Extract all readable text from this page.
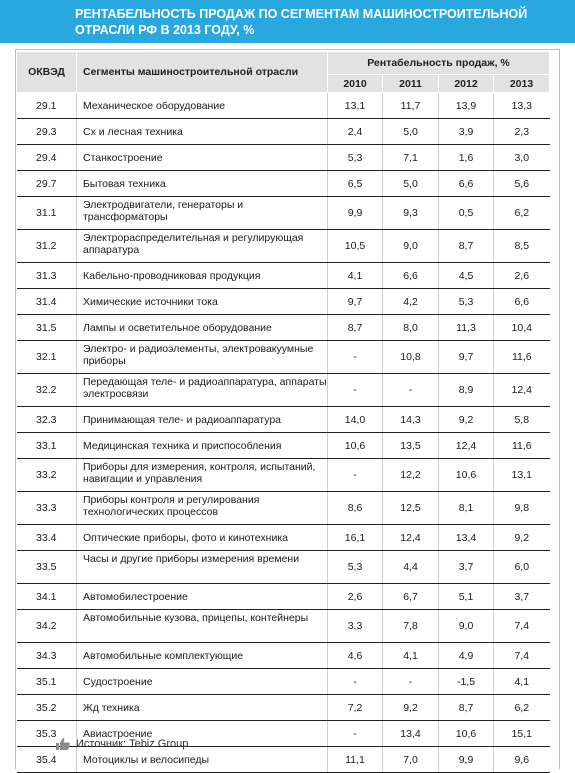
РЕНТАБЕЛЬНОСТЬ ПРОДАЖ ПО СЕГМЕНТАМ МАШИНОСТРОИТЕЛЬНОЙ
ОТРАСЛИ РФ В 2013 ГОДУ, %
ОКВЭД	Сегменты машиностроительной отрасли	Рентабельность продаж, %			
		2010	2011	2012	2013
29.1	Механическое оборудование	13,1	11,7	13,9	13,3
29.3	Сх и лесная техника	2,4	5,0	3,9	2,3
29.4	Станкостроение	5,3	7,1	1,6	3,0
29.7	Бытовая техника	6,5	5,0	6,6	5,6
31.1	Электродвигатели, генераторы и трансформаторы	9,9	9,3	0,5	6,2
31.2	Электрораспределительная и регулирующая аппаратура	10,5	9,0	8,7	8,5
31.3	Кабельно-проводниковая продукция	4,1	6,6	4,5	2,6
31.4	Химические источники тока	9,7	4,2	5,3	6,6
31.5	Лампы и осветительное оборудование	8,7	8,0	11,3	10,4
32.1	Электро- и радиоэлементы, электровакуумные приборы	-	10,8	9,7	11,6
32.2	Передающая теле- и радиоаппаратура, аппараты электросвязи	-	-	8,9	12,4
32.3	Принимающая теле- и радиоаппаратура	14,0	14,3	9,2	5,8
33.1	Медицинская техника и приспособления	10,6	13,5	12,4	11,6
33.2	Приборы для измерения, контроля, испытаний, навигации и управления	-	12,2	10,6	13,1
33.3	Приборы контроля и регулирования технологических процессов	8,6	12,5	8,1	9,8
33.4	Оптические приборы, фото и кинотехника	16,1	12,4	13,4	9,2
33.5	Часы и другие приборы измерения времени	5,3	4,4	3,7	6,0
34.1	Автомобилестроение	2,6	6,7	5,1	3,7
34.2	Автомобильные кузова, прицепы, контейнеры	3,3	7,8	9,0	7,4
34.3	Автомобильные комплектующие	4,6	4,1	4,9	7,4
35.1	Судостроение	-	-	-1,5	4,1
35.2	Жд техника	7,2	9,2	8,7	6,2
35.3	Авиастроение	-	13,4	10,6	15,1
35.4	Мотоциклы и велосипеды	11,1	7,0	9,9	9,6
Источник: Tebiz Group
